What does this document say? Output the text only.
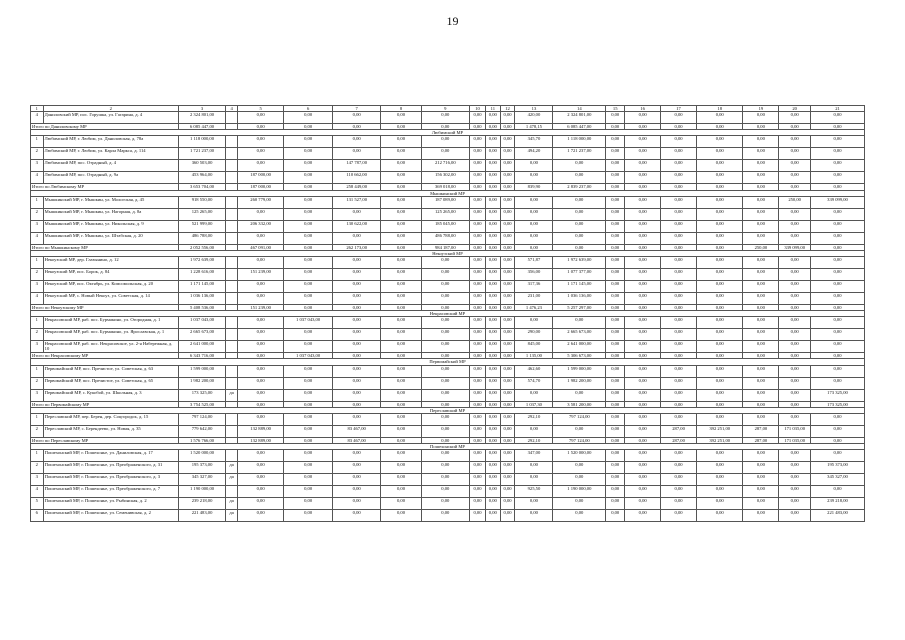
19
1	2	3	4	5	6	7	8	9	10	11	12	13	14	15	16	17	18	19	20	21
4	Даниловский МР, пос. Горушка, ул. Гагарина, д. 4	2 324 801,00		0,00	0,00	0,00	0,00	0,00	0,00	0,00	0,00	420,00	2 324 801,00	0,00	0,00	0,00	0,00	0,00	0,00	0,00
Итого по Даниловскому МР		6 085 447,00		0,00	0,00	0,00	0,00	0,00	0,00	0,00	0,00	1 478,15	6 085 447,00	0,00	0,00	0,00	0,00	0,00	0,00	0,00
Любимский МР																				
1	Любимский МР, г. Любим, ул. Даниловская, д. 78а	1 118 000,00		0,00	0,00	0,00	0,00	0,00	0,00	0,00	0,00	345,70	1 118 000,00	0,00	0,00	0,00	0,00	0,00	0,00	0,00
2	Любимский МР, г. Любим, ул. Карла Маркса, д. 114	1 721 237,00		0,00	0,00	0,00	0,00	0,00	0,00	0,00	0,00	494,20	1 721 237,00	0,00	0,00	0,00	0,00	0,00	0,00	0,00
3	Любимский МР, пос. Отрадный, д. 4	360 503,00		0,00	0,00	147 787,00	0,00	212 716,00	0,00	0,00	0,00	0,00	0,00	0,00	0,00	0,00	0,00	0,00	0,00	0,00
4	Любимский МР, пос. Отрадный, д. 9а	453 964,00		187 000,00	0,00	110 662,00	0,00	156 302,00	0,00	0,00	0,00	0,00	0,00	0,00	0,00	0,00	0,00	0,00	0,00	0,00
Итого по Любимскому МР		3 653 704,00		187 000,00	0,00	258 449,00	0,00	369 018,00	0,00	0,00	0,00	839,90	2 839 237,00	0,00	0,00	0,00	0,00	0,00	0,00	0,00
Мышкинский МР																				
1	Мышкинский МР, г. Мышкин, ул. Мологская, д. 45	918 550,00		260 779,00	0,00	131 527,00	0,00	187 089,00	0,00	0,00	0,00	0,00	0,00	0,00	0,00	0,00	0,00	0,00	250,00	339 099,00
2	Мышкинский МР, г. Мышкин, ул. Нагорная, д. 8а	125 265,00		0,00	0,00	0,00	0,00	125 265,00	0,00	0,00	0,00	0,00	0,00	0,00	0,00	0,00	0,00	0,00	0,00	0,00
3	Мышкинский МР, г. Мышкин, ул. Никольская, д. 9	521 999,00		206 332,00	0,00	130 622,00	0,00	185 045,00	0,00	0,00	0,00	0,00	0,00	0,00	0,00	0,00	0,00	0,00	0,00	0,00
4	Мышкинский МР, г. Мышкин, ул. Штабская, д. 20	486 788,00		0,00	0,00	0,00	0,00	486 788,00	0,00	0,00	0,00	0,00	0,00	0,00	0,00	0,00	0,00	0,00	0,00	0,00
Итого по Мышкинскому МР		2 052 556,00		467 091,00	0,00	262 173,00	0,00	984 187,00	0,00	0,00	0,00	0,00	0,00	0,00	0,00	0,00	0,00	250,00	339 099,00	0,00
Некоузский МР																				
1	Некоузский МР, дер. Глазынино, д. 12	1 972 639,00		0,00	0,00	0,00	0,00	0,00	0,00	0,00	0,00	571,87	1 972 639,00	0,00	0,00	0,00	0,00	0,00	0,00	0,00
2	Некоузский МР, пос. Борок, д. 84	1 228 616,00		151 239,00	0,00	0,00	0,00	0,00	0,00	0,00	0,00	356,00	1 077 377,00	0,00	0,00	0,00	0,00	0,00	0,00	0,00
3	Некоузский МР, пос. Октябрь, ул. Комсомольская, д. 20	1 171 145,00		0,00	0,00	0,00	0,00	0,00	0,00	0,00	0,00	317,36	1 171 145,00	0,00	0,00	0,00	0,00	0,00	0,00	0,00
4	Некоузский МР, с. Новый Некоуз, ул. Советская, д. 14	1 036 136,00		0,00	0,00	0,00	0,00	0,00	0,00	0,00	0,00	231,00	1 036 136,00	0,00	0,00	0,00	0,00	0,00	0,00	0,00
Итого по Некоузскому МР		5 408 536,00		151 239,00	0,00	0,00	0,00	0,00	0,00	0,00	0,00	1 476,23	5 257 297,00	0,00	0,00	0,00	0,00	0,00	0,00	0,00
Некрасовский МР																				
1	Некрасовский МР, раб. пос. Бурмакино, ул. Огородная, д. 1	1 037 043,00		0,00	1 037 043,00	0,00	0,00	0,00	0,00	0,00	0,00	0,00	0,00	0,00	0,00	0,00	0,00	0,00	0,00	0,00
2	Некрасовский МР, раб. пос. Бурмакино, ул. Ярославская, д. 1	2 665 673,00		0,00	0,00	0,00	0,00	0,00	0,00	0,00	0,00	290,00	2 665 673,00	0,00	0,00	0,00	0,00	0,00	0,00	0,00
3	Некрасовский МР, раб. пос. Некрасовское, ул. 2-я Набережная, д. 10	2 641 000,00		0,00	0,00	0,00	0,00	0,00	0,00	0,00	0,00	845,00	2 641 000,00	0,00	0,00	0,00	0,00	0,00	0,00	0,00
Итого по Некрасовскому МР		6 343 716,00		0,00	1 037 043,00	0,00	0,00	0,00	0,00	0,00	0,00	1 135,00	5 306 673,00	0,00	0,00	0,00	0,00	0,00	0,00	0,00
Первомайский МР																				
1	Первомайский МР, пос. Пречистое, ул. Советская, д. 63	1 599 000,00		0,00	0,00	0,00	0,00	0,00	0,00	0,00	0,00	462,60	1 599 000,00	0,00	0,00	0,00	0,00	0,00	0,00	0,00
2	Первомайский МР, пос. Пречистое, ул. Советская, д. 65	1 982 200,00		0,00	0,00	0,00	0,00	0,00	0,00	0,00	0,00	574,70	1 982 200,00	0,00	0,00	0,00	0,00	0,00	0,00	0,00
3	Первомайский МР, с. Кукобой, ул. Школьная, д. 3	173 325,00	да	0,00	0,00	0,00	0,00	0,00	0,00	0,00	0,00	0,00	0,00	0,00	0,00	0,00	0,00	0,00	0,00	173 325,00
Итого по Первомайскому МР		3 754 525,00		0,00	0,00	0,00	0,00	0,00	0,00	0,00	0,00	1 037,30	3 581 200,00	0,00	0,00	0,00	0,00	0,00	0,00	173 325,00
Переславский МР																				
1	Переславский МР, пер. Берен, дер. Соцгородок, д. 15	797 124,00		0,00	0,00	0,00	0,00	0,00	0,00	0,00	0,00	292,10	797 124,00	0,00	0,00	0,00	0,00	0,00	0,00	0,00
2	Переславский МР, с. Берендеево, ул. Новая, д. 35	779 642,00		132 889,00	0,00	83 467,00	0,00	0,00	0,00	0,00	0,00	0,00	0,00	0,00	0,00	287,00	392 251,00	287,00	171 035,00	0,00
Итого по Переславскому МР		1 576 766,00		132 889,00	0,00	83 467,00	0,00	0,00	0,00	0,00	0,00	292,10	797 124,00	0,00	0,00	287,00	392 251,00	287,00	171 035,00	0,00
Пошехонский МР																				
1	Пошехонский МР, г. Пошехонье, ул. Даниловская, д. 17	1 520 000,00		0,00	0,00	0,00	0,00	0,00	0,00	0,00	0,00	347,00	1 520 000,00	0,00	0,00	0,00	0,00	0,00	0,00	0,00
2	Пошехонский МР, г. Пошехонье, ул. Преображенского, д. 31	195 373,00	да	0,00	0,00	0,00	0,00	0,00	0,00	0,00	0,00	0,00	0,00	0,00	0,00	0,00	0,00	0,00	0,00	195 373,00
3	Пошехонский МР, г. Пошехонье, ул. Преображенского, д. 3	345 327,00	да	0,00	0,00	0,00	0,00	0,00	0,00	0,00	0,00	0,00	0,00	0,00	0,00	0,00	0,00	0,00	0,00	345 327,00
4	Пошехонский МР, г. Пошехонье, ул. Преображенского, д. 7	1 190 000,00		0,00	0,00	0,00	0,00	0,00	0,00	0,00	0,00	925,50	1 190 000,00	0,00	0,00	0,00	0,00	0,00	0,00	0,00
5	Пошехонский МР, г. Пошехонье, ул. Рыбинская, д. 2	239 218,00	да	0,00	0,00	0,00	0,00	0,00	0,00	0,00	0,00	0,00	0,00	0,00	0,00	0,00	0,00	0,00	0,00	239 218,00
6	Пошехонский МР, г. Пошехонье, ул. Семенивская, д. 2	221 483,00	да	0,00	0,00	0,00	0,00	0,00	0,00	0,00	0,00	0,00	0,00	0,00	0,00	0,00	0,00	0,00	0,00	221 483,00
